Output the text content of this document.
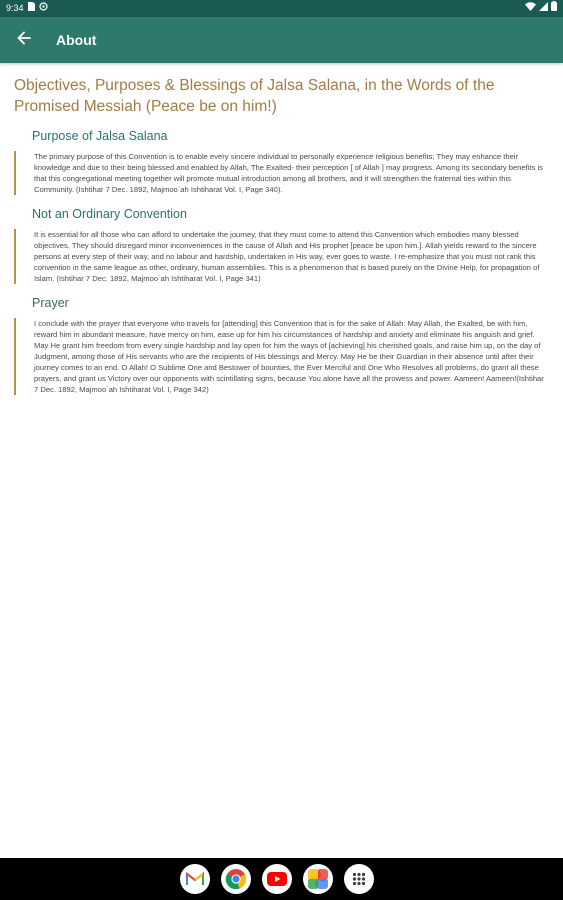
9:34
About
Objectives, Purposes & Blessings of Jalsa Salana, in the Words of the Promised Messiah (Peace be on him!)
Purpose of Jalsa Salana

The primary purpose of this Convention is to enable every sincere individual to personally experience religious benefits; They may enhance their knowledge and due to their being blessed and enabled by Allah, The Exalted- their perception [ of Allah ] may progress. Among its secondary benefits is that this congregational meeting together will promote mutual introduction among all brothers, and it will strengthen the fraternal ties within this Community. (Ishtihar 7 Dec. 1892, Majmoo`ah Ishtiharat Vol. I, Page 340).

Not an Ordinary Convention

It is essential for all those who can afford to undertake the journey, that they must come to attend this Convention which embodies many blessed objectives. They should disregard minor inconveniences in the cause of Allah and His prophet [peace be upon him.]. Allah yields reward to the sincere persons at every step of their way, and no labour and hardship, undertaken in His way, ever goes to waste. I re-emphasize that you must not rank this convention in the same league as other, ordinary, human assemblies. This is a phenomenon that is based purely on the Divine Help, for propagation of Islam. (Ishtihar 7 Dec. 1892, Majmoo`ah Ishtiharat Vol. I, Page 341)

Prayer

I conclude with the prayer that everyone who travels for [attending] this Convention that is for the sake of Allah: May Allah, the Exalted, be with him, reward him in abundant measure, have mercy on him, ease up for him his circumstances of hardship and anxiety and eliminate his anguish and grief. May He grant him freedom from every single hardship and lay open for him the ways of [achieving] his cherished goals, and raise him up, on the day of Judgment, among those of His servants who are the recipients of His blessings and Mercy. May He be their Guardian in their absence until after their journey comes to an end. O Allah! O Sublime One and Bestower of bounties, the Ever Merciful and One Who Resolves all problems, do grant all these prayers, and grant us Victory over our opponents with scintillating signs, because You alone have all the prowess and power. Aameen! Aameen!(Ishtihar 7 Dec. 1892, Majmoo`ah Ishtiharat Vol. I, Page 342)
